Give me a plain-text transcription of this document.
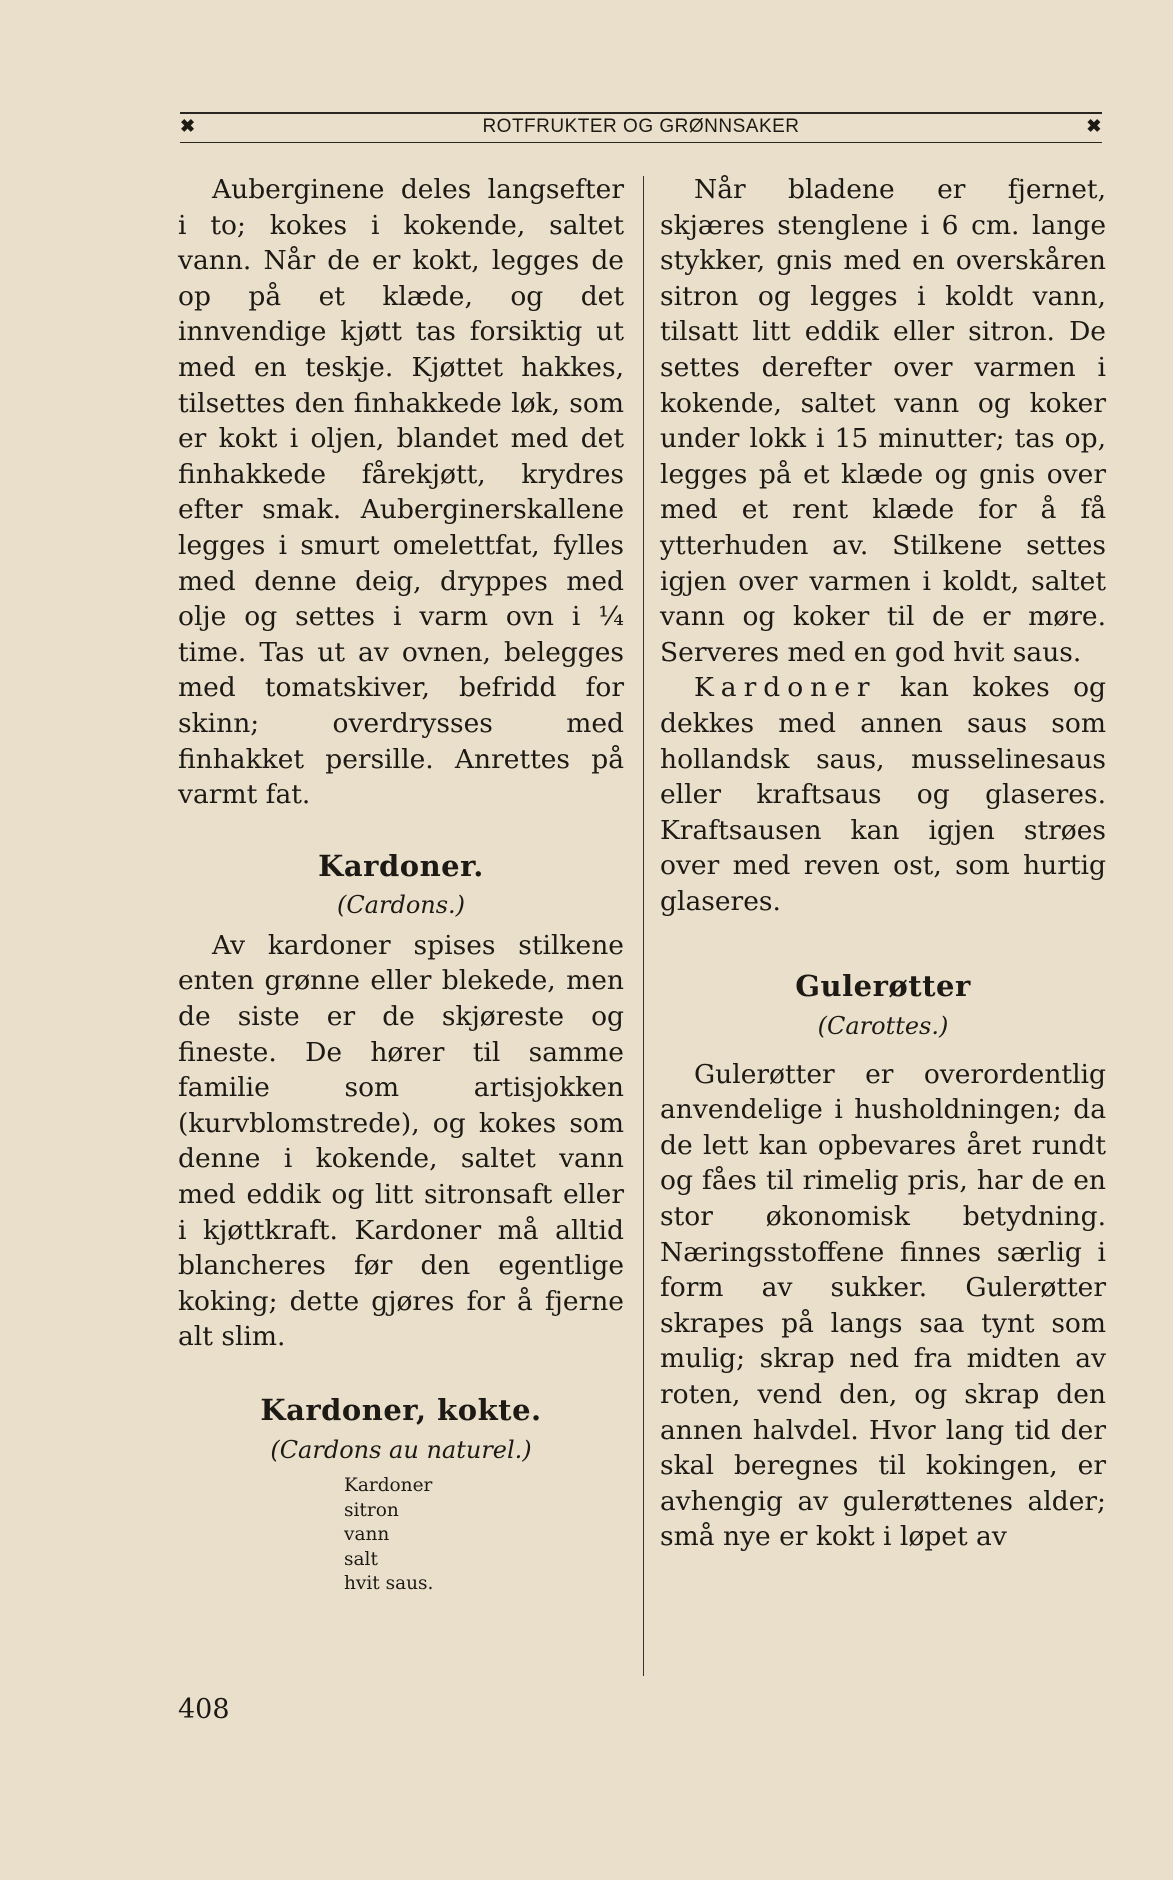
✖	ROTFRUKTER OG GRØNNSAKER	✖

Auberginene deles langsefter i to; kokes i kokende, saltet vann. Når de er kokt, legges de op på et klæde, og det innvendige kjøtt tas forsiktig ut med en teskje. Kjøttet hakkes, tilsettes den finhakkede løk, som er kokt i oljen, blandet med det finhakkede fårekjøtt, krydres efter smak. Auberginerskallene legges i smurt omelettfat, fylles med denne deig, dryppes med olje og settes i varm ovn i ¼ time. Tas ut av ovnen, belegges med tomatskiver, befridd for skinn; overdrysses med finhakket persille. Anrettes på varmt fat.

Kardoner.
(Cardons.)

Av kardoner spises stilkene enten grønne eller blekede, men de siste er de skjøreste og fineste. De hører til samme familie som artisjokken (kurvblomstrede), og kokes som denne i kokende, saltet vann med eddik og litt sitronsaft eller i kjøttkraft. Kardoner må alltid blancheres før den egentlige koking; dette gjøres for å fjerne alt slim.

Kardoner, kokte.
(Cardons au naturel.)
Kardoner
sitron
vann
salt
hvit saus.

Når bladene er fjernet, skjæres stenglene i 6 cm. lange stykker, gnis med en overskåren sitron og legges i koldt vann, tilsatt litt eddik eller sitron. De settes derefter over varmen i kokende, saltet vann og koker under lokk i 15 minutter; tas op, legges på et klæde og gnis over med et rent klæde for å få ytterhuden av. Stilkene settes igjen over varmen i koldt, saltet vann og koker til de er møre. Serveres med en god hvit saus.

Kardoner kan kokes og dekkes med annen saus som hollandsk saus, musselinesaus eller kraftsaus og glaseres. Kraftsausen kan igjen strøes over med reven ost, som hurtig glaseres.

Gulerøtter
(Carottes.)

Gulerøtter er overordentlig anvendelige i husholdningen; da de lett kan opbevares året rundt og fåes til rimelig pris, har de en stor økonomisk betydning. Næringsstoffene finnes særlig i form av sukker. Gulerøtter skrapes på langs saa tynt som mulig; skrap ned fra midten av roten, vend den, og skrap den annen halvdel. Hvor lang tid der skal beregnes til kokingen, er avhengig av gulerøttenes alder; små nye er kokt i løpet av

408
